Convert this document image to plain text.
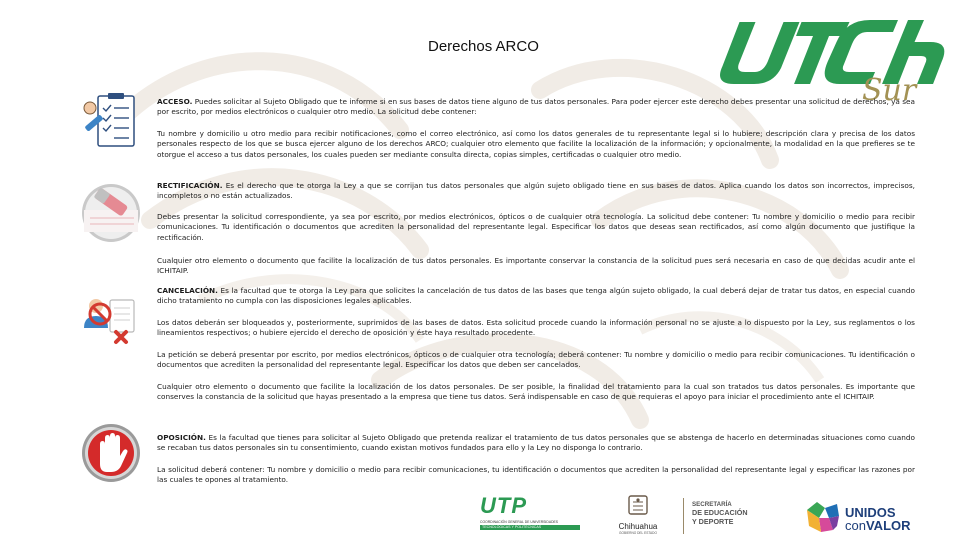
Derechos ARCO
Sur

ACCESO. Puedes solicitar al Sujeto Obligado que te informe si en sus bases de datos tiene alguno de tus datos personales. Para poder ejercer este derecho debes presentar una solicitud de derechos, ya sea por escrito, por medios electrónicos o cualquier otro medio. La solicitud debe contener:

Tu nombre y domicilio u otro medio para recibir notificaciones, como el correo electrónico, así como los datos generales de tu representante legal si lo hubiere; descripción clara y precisa de los datos personales respecto de los que se busca ejercer alguno de los derechos ARCO; cualquier otro elemento que facilite la localización de la información; y opcionalmente, la modalidad en la que prefieres se te otorgue el acceso a tus datos personales, los cuales pueden ser mediante consulta directa, copias simples, certificadas o cualquier otro medio.

RECTIFICACIÓN. Es el derecho que te otorga la Ley a que se corrijan tus datos personales que algún sujeto obligado tiene en sus bases de datos. Aplica cuando los datos son incorrectos, imprecisos, incompletos o no están actualizados.

Debes presentar la solicitud correspondiente, ya sea por escrito, por medios electrónicos, ópticos o de cualquier otra tecnología. La solicitud debe contener: Tu nombre y domicilio o medio para recibir comunicaciones. Tu identificación o documentos que acrediten la personalidad del representante legal. Especificar los datos que deseas sean rectificados, así como algún documento que justifique la rectificación.

Cualquier otro elemento o documento que facilite la localización de tus datos personales. Es importante conservar la constancia de la solicitud pues será necesaria en caso de que decidas acudir ante el ICHITAIP.

CANCELACIÓN. Es la facultad que te otorga la Ley para que solicites la cancelación de tus datos de las bases que tenga algún sujeto obligado, la cual deberá dejar de tratar tus datos, en especial cuando dicho tratamiento no cumpla con las disposiciones legales aplicables.

Los datos deberán ser bloqueados y, posteriormente, suprimidos de las bases de datos. Esta solicitud procede cuando la información personal no se ajuste a lo dispuesto por la Ley, sus reglamentos o los lineamientos respectivos; o hubiere ejercido el derecho de oposición y éste haya resultado procedente.

La petición se deberá presentar por escrito, por medios electrónicos, ópticos o de cualquier otra tecnología; deberá contener: Tu nombre y domicilio o medio para recibir comunicaciones. Tu identificación o documentos que acrediten la personalidad del representante legal. Especificar los datos que deben ser cancelados.

Cualquier otro elemento o documento que facilite la localización de los datos personales. De ser posible, la finalidad del tratamiento para la cual son tratados tus datos personales. Es importante que conserves la constancia de la solicitud que hayas presentado a la empresa que tiene tus datos. Será indispensable en caso de que requieras el apoyo para iniciar el procedimiento ante el ICHITAIP.

OPOSICIÓN. Es la facultad que tienes para solicitar al Sujeto Obligado que pretenda realizar el tratamiento de tus datos personales que se abstenga de hacerlo en determinadas situaciones como cuando se recaban tus datos personales sin tu consentimiento, cuando existan motivos fundados para ello y la Ley no disponga lo contrario.

La solicitud deberá contener: Tu nombre y domicilio o medio para recibir comunicaciones, tu identificación o documentos que acrediten la personalidad del representante legal y especificar las razones por las cuales te opones al tratamiento.

UTP
COORDINACIÓN GENERAL DE UNIVERSIDADES
TECNOLÓGICAS Y POLITÉCNICAS	Chihuahua
GOBIERNO DEL ESTADO
SECRETARÍA
DE EDUCACIÓN
Y DEPORTE
UNIDOS
conVALOR
